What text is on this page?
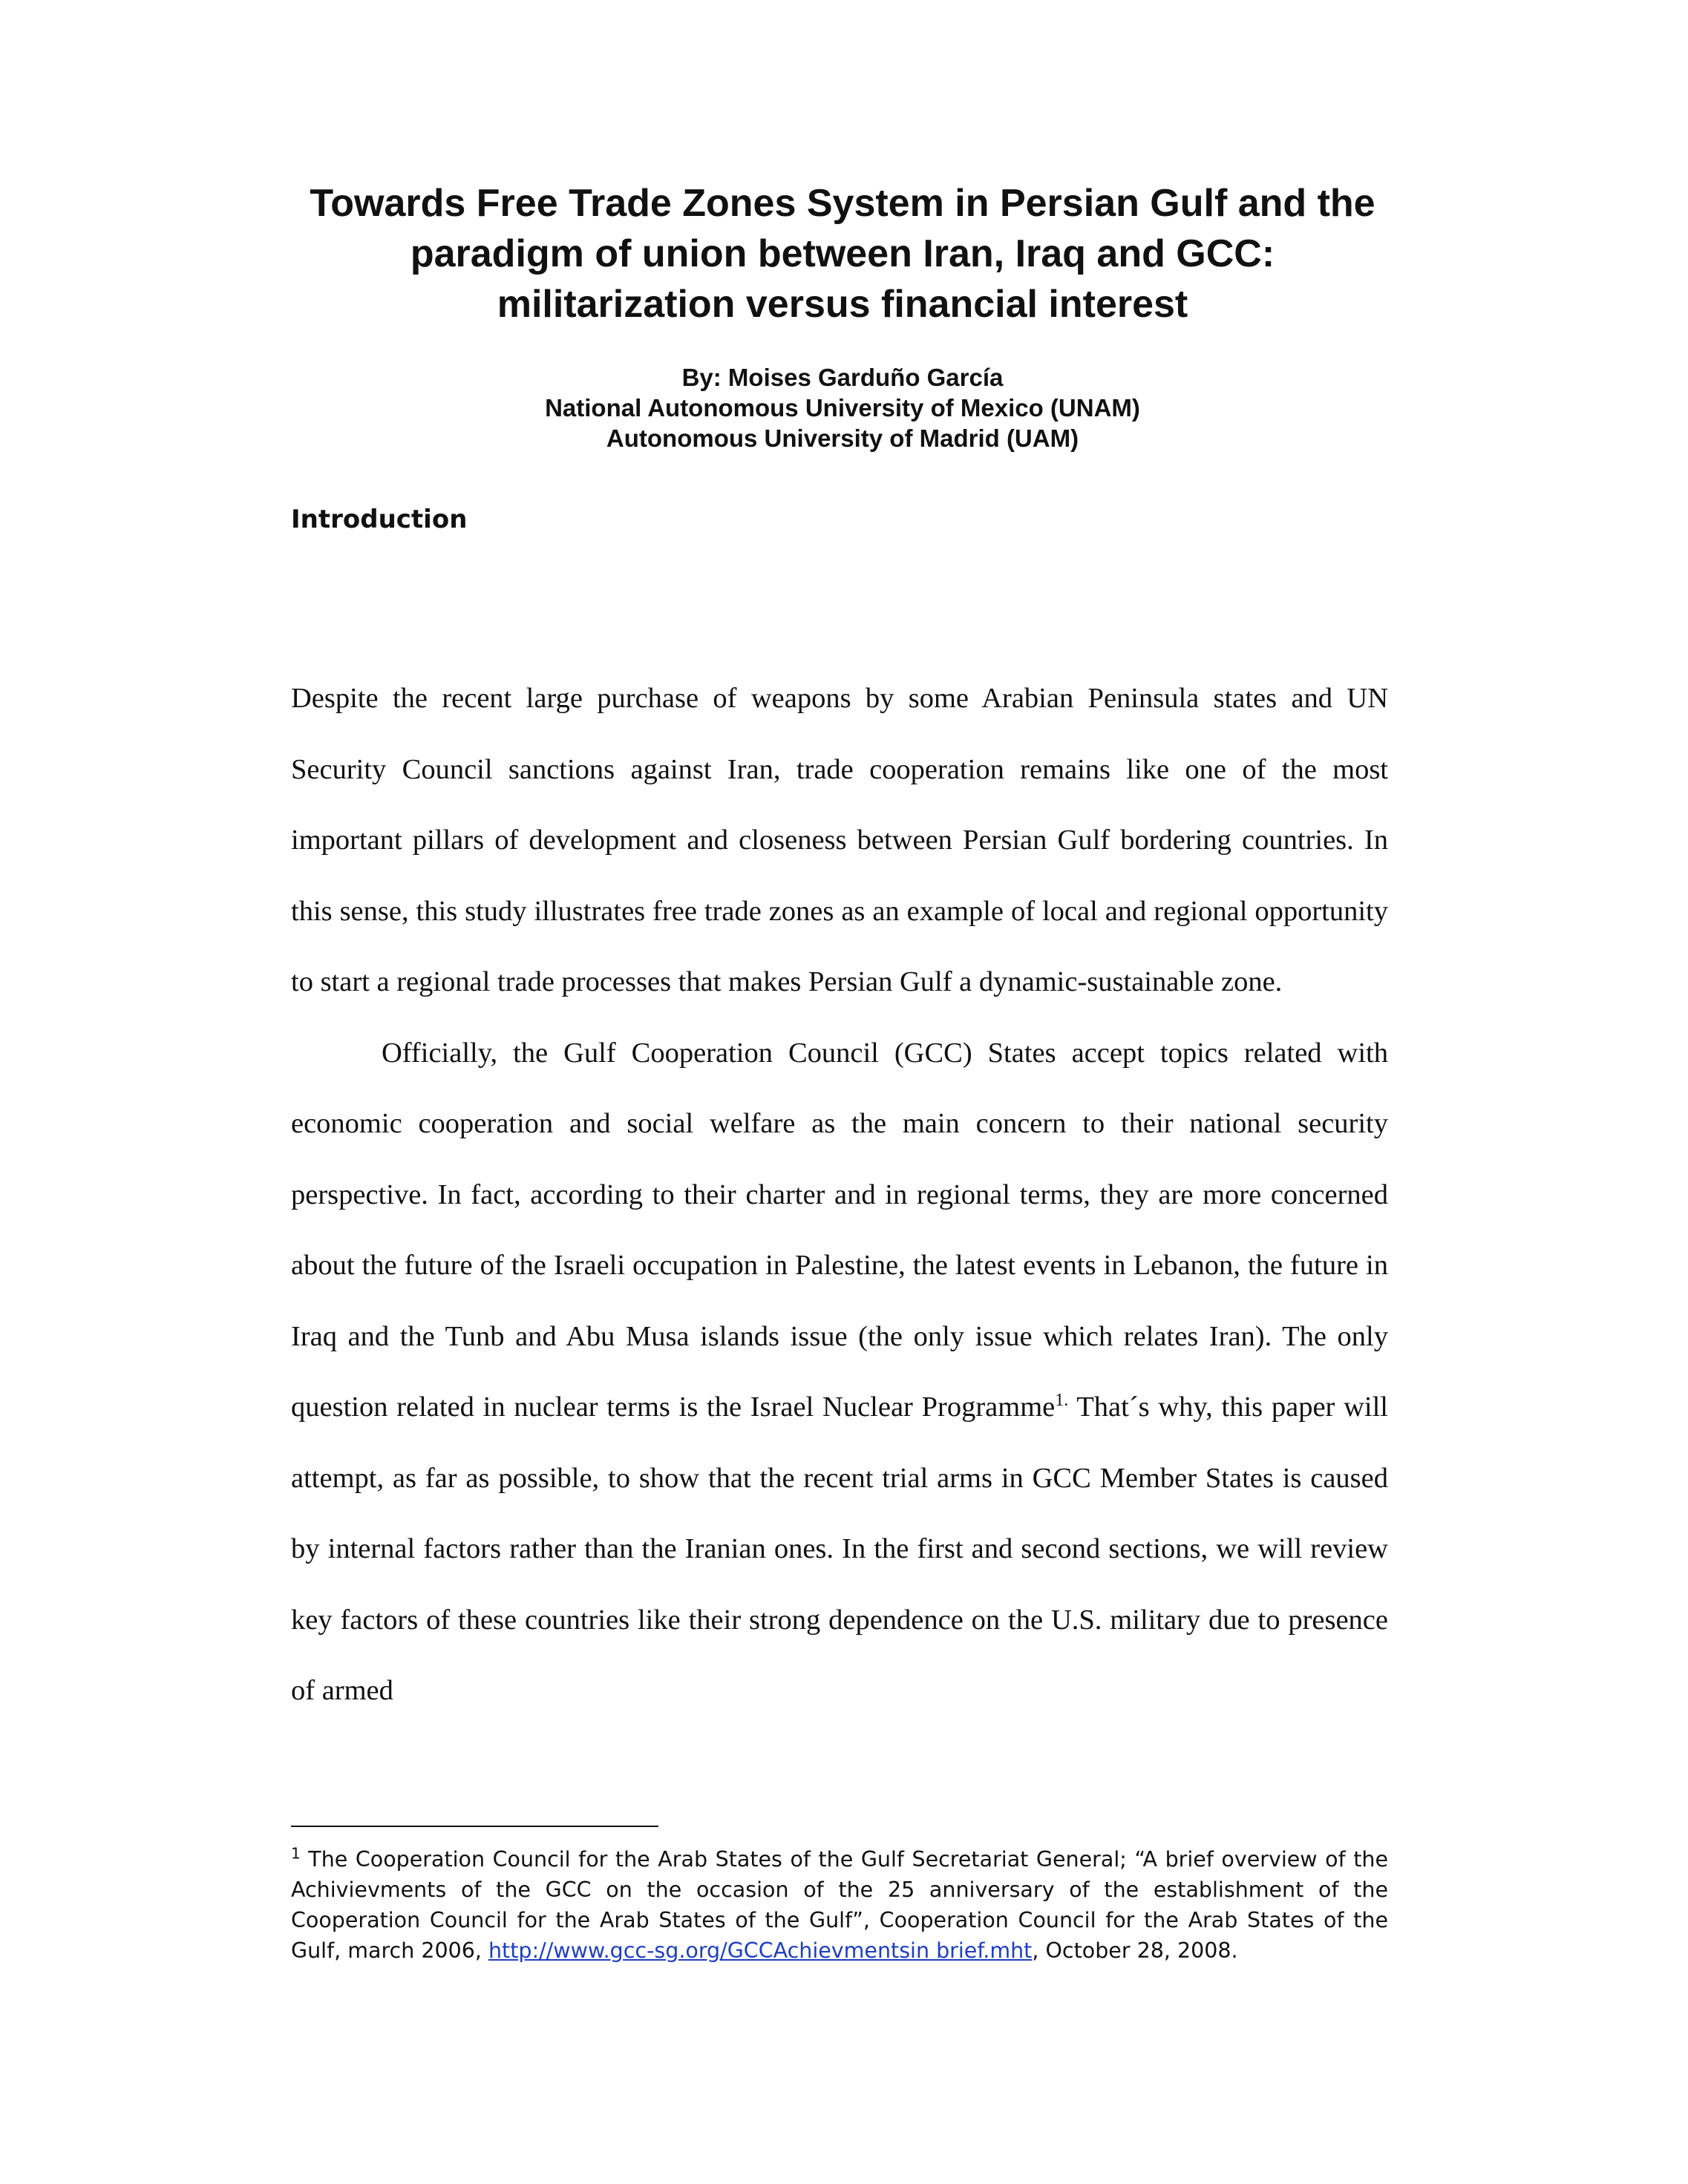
Towards Free Trade Zones System in Persian Gulf and the
paradigm of union between Iran, Iraq and GCC:
militarization versus financial interest
By: Moises Garduño García
National Autonomous University of Mexico (UNAM)
Autonomous University of Madrid (UAM)
Introduction

Despite the recent large purchase of weapons by some Arabian Peninsula states and UN Security Council sanctions against Iran, trade cooperation remains like one of the most important pillars of development and closeness between Persian Gulf bordering countries. In this sense, this study illustrates free trade zones as an example of local and regional opportunity to start a regional trade processes that makes Persian Gulf a dynamic-sustainable zone.

Officially, the Gulf Cooperation Council (GCC) States accept topics related with economic cooperation and social welfare as the main concern to their national security perspective. In fact, according to their charter and in regional terms, they are more concerned about the future of the Israeli occupation in Palestine, the latest events in Lebanon, the future in Iraq and the Tunb and Abu Musa islands issue (the only issue which relates Iran). The only question related in nuclear terms is the Israel Nuclear Programme$^{1.}$ That´s why, this paper will attempt, as far as possible, to show that the recent trial arms in GCC Member States is caused by internal factors rather than the Iranian ones. In the first and second sections, we will review key factors of these countries like their strong dependence on the U.S. military due to presence of armed

$^1$ The Cooperation Council for the Arab States of the Gulf Secretariat General; “A brief overview of the Achivievments of the GCC on the occasion of the 25 anniversary of the establishment of the Cooperation Council for the Arab States of the Gulf”, Cooperation Council for the Arab States of the Gulf, march 2006, http://www.gcc-sg.org/GCCAchievmentsin brief.mht, October 28, 2008.
